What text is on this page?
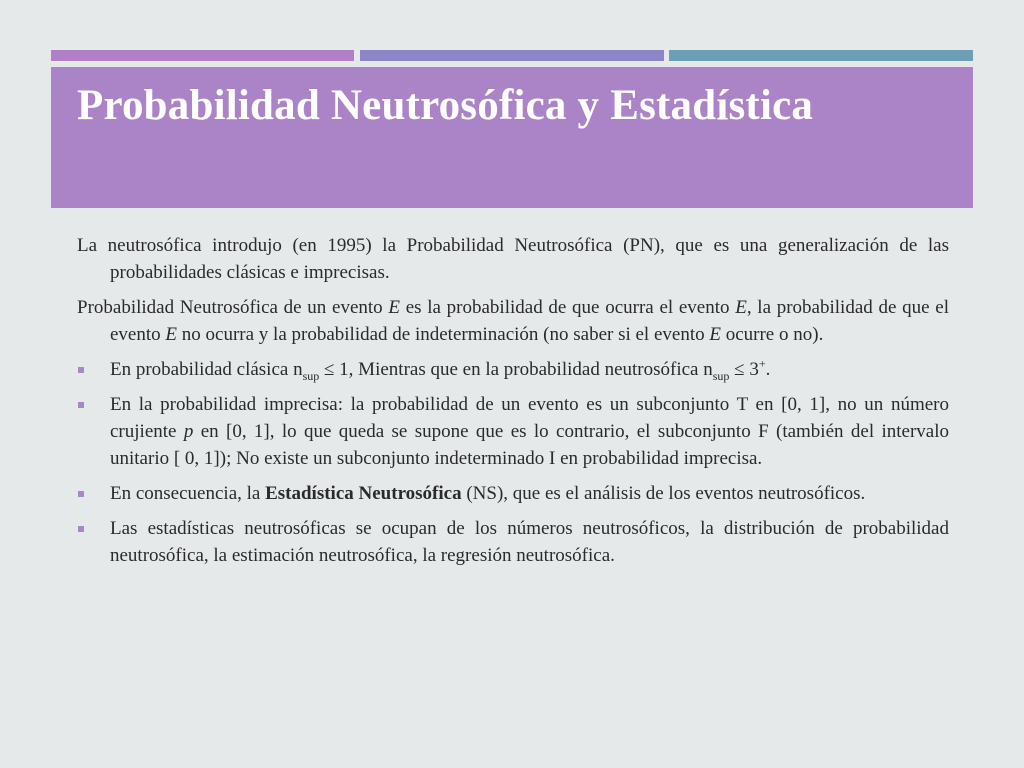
Probabilidad Neutrosófica y Estadística

La neutrosófica introdujo (en 1995) la Probabilidad Neutrosófica (PN), que es una generalización de las probabilidades clásicas e imprecisas.

Probabilidad Neutrosófica de un evento E es la probabilidad de que ocurra el evento E, la probabilidad de que el evento E no ocurra y la probabilidad de indeterminación (no saber si el evento E ocurre o no).

En probabilidad clásica $n_{sup} \le 1$, Mientras que en la probabilidad neutrosófica $n_{sup} \le 3^+$.
En la probabilidad imprecisa: la probabilidad de un evento es un subconjunto T en [0, 1], no un número crujiente p en [0, 1], lo que queda se supone que es lo contrario, el subconjunto F (también del intervalo unitario [ 0, 1]); No existe un subconjunto indeterminado I en probabilidad imprecisa.
En consecuencia, la Estadística Neutrosófica (NS), que es el análisis de los eventos neutrosóficos.
Las estadísticas neutrosóficas se ocupan de los números neutrosóficos, la distribución de probabilidad neutrosófica, la estimación neutrosófica, la regresión neutrosófica.
